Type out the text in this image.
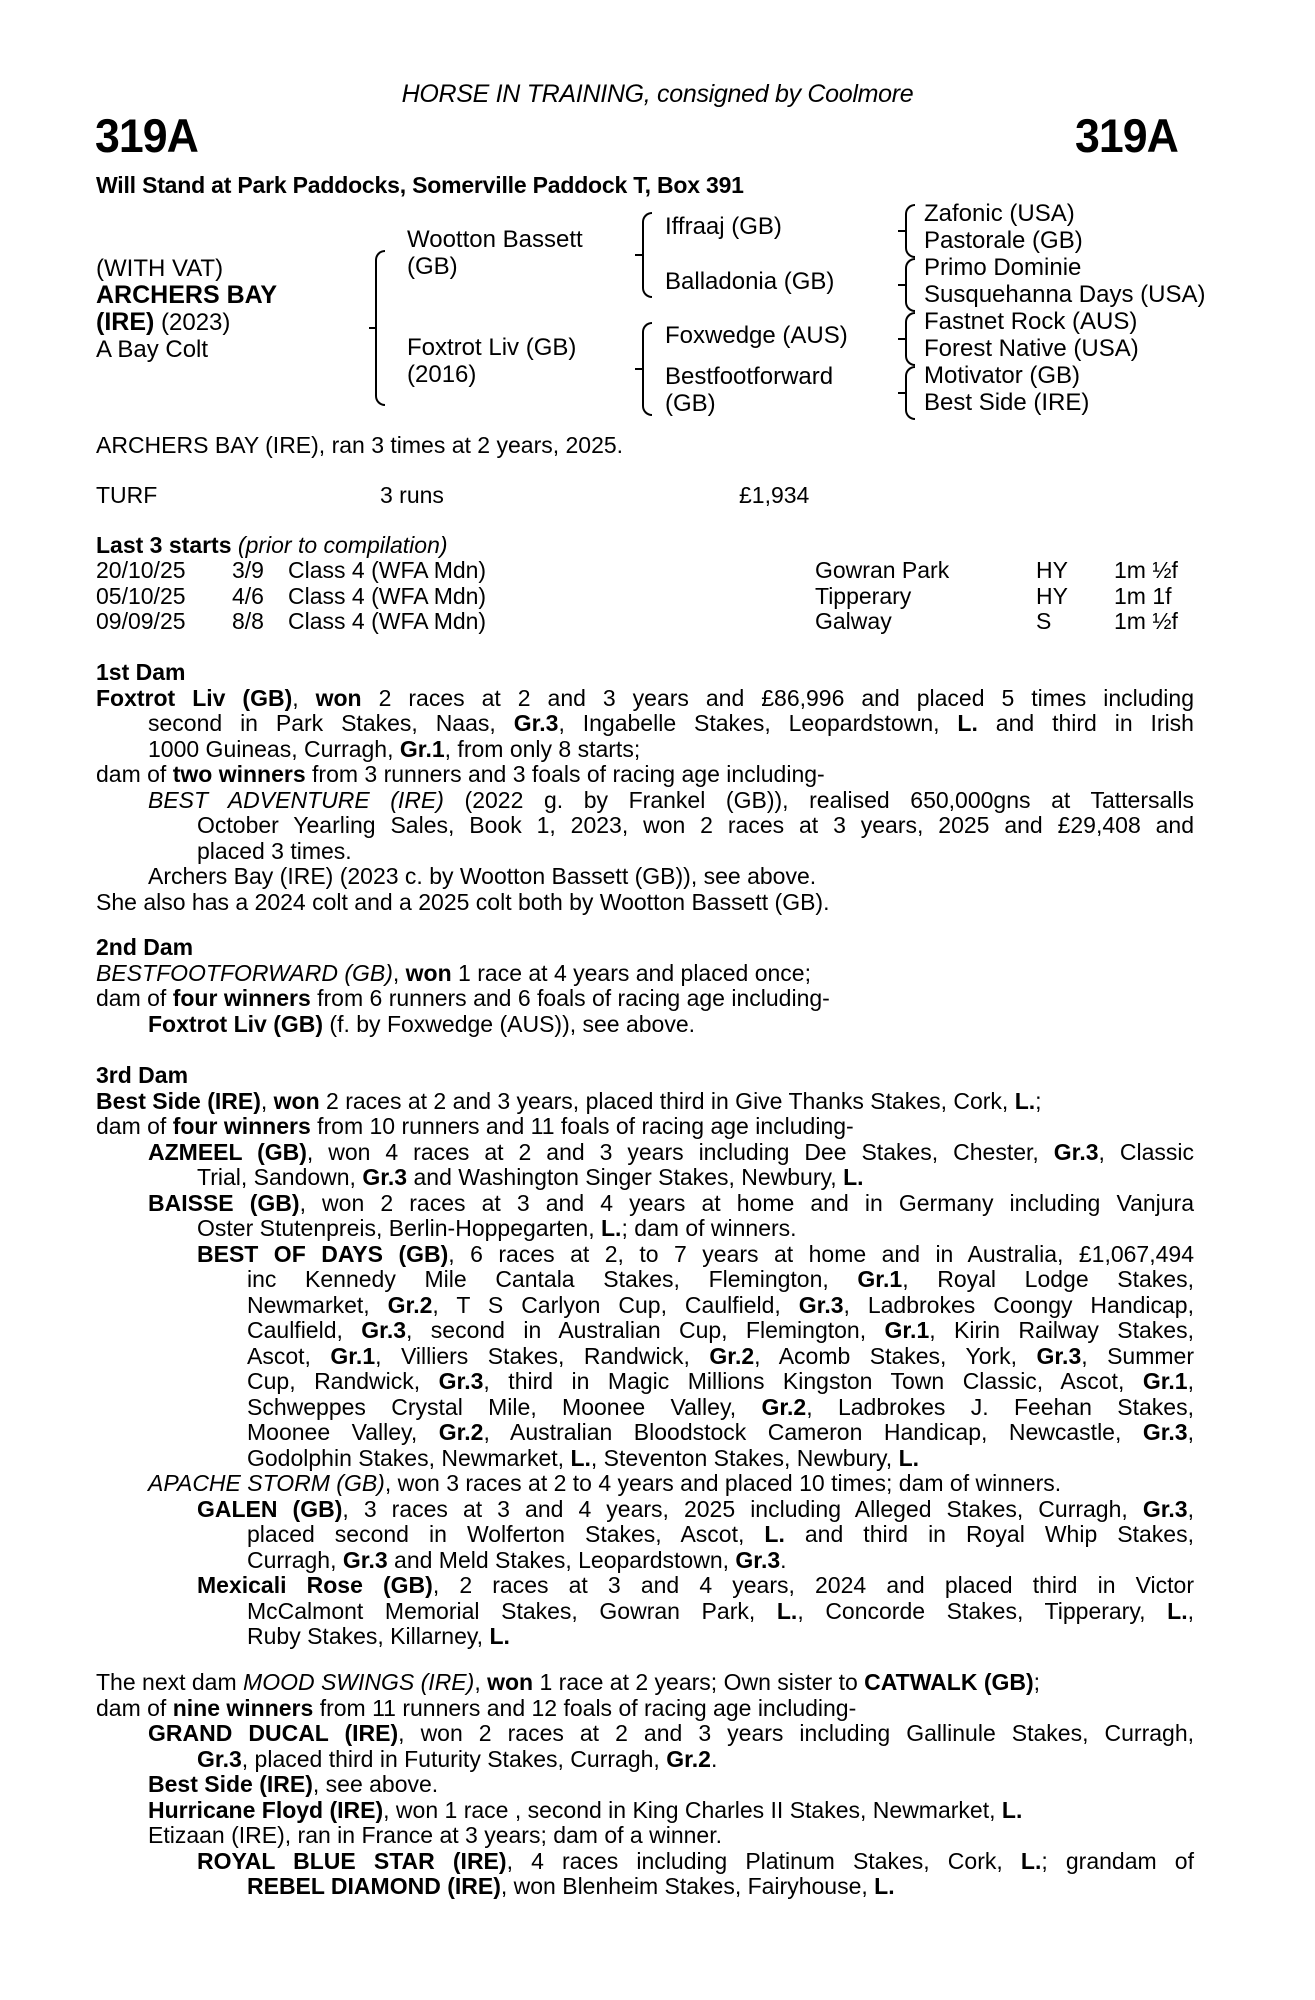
HORSE IN TRAINING, consigned by Coolmore
319A	319A
Will Stand at Park Paddocks, Somerville Paddock T, Box 391
(WITH VAT)
ARCHERS BAY
(IRE) (2023)
A Bay Colt
Wootton Bassett
(GB)
Foxtrot Liv (GB)
(2016)
Iffraaj (GB)
Balladonia (GB)
Foxwedge (AUS)
Bestfootforward
(GB)
Zafonic (USA)
Pastorale (GB)
Primo Dominie
Susquehanna Days (USA)
Fastnet Rock (AUS)
Forest Native (USA)
Motivator (GB)
Best Side (IRE)
ARCHERS BAY (IRE), ran 3 times at 2 years, 2025.
TURF	3 runs	£1,934
Last 3 starts (prior to compilation)
20/10/25 3/9 Class 4 (WFA Mdn)	Gowran Park	HY 1m ½f
05/10/25 4/6 Class 4 (WFA Mdn)	Tipperary	HY 1m 1f
09/09/25 8/8 Class 4 (WFA Mdn)	Galway	S	1m ½f
1st Dam
Foxtrot Liv (GB), won 2 races at 2 and 3 years and £86,996 and placed 5 times including
second in Park Stakes, Naas, Gr.3, Ingabelle Stakes, Leopardstown, L. and third in Irish
1000 Guineas, Curragh, Gr.1, from only 8 starts;
dam of two winners from 3 runners and 3 foals of racing age including-
BEST ADVENTURE (IRE) (2022 g. by Frankel (GB)), realised 650,000gns at Tattersalls
October Yearling Sales, Book 1, 2023, won 2 races at 3 years, 2025 and £29,408 and
placed 3 times.
Archers Bay (IRE) (2023 c. by Wootton Bassett (GB)), see above.
She also has a 2024 colt and a 2025 colt both by Wootton Bassett (GB).
2nd Dam
BESTFOOTFORWARD (GB), won 1 race at 4 years and placed once;
dam of four winners from 6 runners and 6 foals of racing age including-
Foxtrot Liv (GB) (f. by Foxwedge (AUS)), see above.
3rd Dam
Best Side (IRE), won 2 races at 2 and 3 years, placed third in Give Thanks Stakes, Cork, L.;
dam of four winners from 10 runners and 11 foals of racing age including-
AZMEEL (GB), won 4 races at 2 and 3 years including Dee Stakes, Chester, Gr.3, Classic
Trial, Sandown, Gr.3 and Washington Singer Stakes, Newbury, L.
BAISSE (GB), won 2 races at 3 and 4 years at home and in Germany including Vanjura
Oster Stutenpreis, Berlin-Hoppegarten, L.; dam of winners.
BEST OF DAYS (GB), 6 races at 2, to 7 years at home and in Australia, £1,067,494
inc Kennedy Mile Cantala Stakes, Flemington, Gr.1, Royal Lodge Stakes,
Newmarket, Gr.2, T S Carlyon Cup, Caulfield, Gr.3, Ladbrokes Coongy Handicap,
Caulfield, Gr.3, second in Australian Cup, Flemington, Gr.1, Kirin Railway Stakes,
Ascot, Gr.1, Villiers Stakes, Randwick, Gr.2, Acomb Stakes, York, Gr.3, Summer
Cup, Randwick, Gr.3, third in Magic Millions Kingston Town Classic, Ascot, Gr.1,
Schweppes Crystal Mile, Moonee Valley, Gr.2, Ladbrokes J. Feehan Stakes,
Moonee Valley, Gr.2, Australian Bloodstock Cameron Handicap, Newcastle, Gr.3,
Godolphin Stakes, Newmarket, L., Steventon Stakes, Newbury, L.
APACHE STORM (GB), won 3 races at 2 to 4 years and placed 10 times; dam of winners.
GALEN (GB), 3 races at 3 and 4 years, 2025 including Alleged Stakes, Curragh, Gr.3,
placed second in Wolferton Stakes, Ascot, L. and third in Royal Whip Stakes,
Curragh, Gr.3 and Meld Stakes, Leopardstown, Gr.3.
Mexicali Rose (GB), 2 races at 3 and 4 years, 2024 and placed third in Victor
McCalmont Memorial Stakes, Gowran Park, L., Concorde Stakes, Tipperary, L.,
Ruby Stakes, Killarney, L.
The next dam MOOD SWINGS (IRE), won 1 race at 2 years; Own sister to CATWALK (GB);
dam of nine winners from 11 runners and 12 foals of racing age including-
GRAND DUCAL (IRE), won 2 races at 2 and 3 years including Gallinule Stakes, Curragh,
Gr.3, placed third in Futurity Stakes, Curragh, Gr.2.
Best Side (IRE), see above.
Hurricane Floyd (IRE), won 1 race , second in King Charles II Stakes, Newmarket, L.
Etizaan (IRE), ran in France at 3 years; dam of a winner.
ROYAL BLUE STAR (IRE), 4 races including Platinum Stakes, Cork, L.; grandam of
REBEL DIAMOND (IRE), won Blenheim Stakes, Fairyhouse, L.
